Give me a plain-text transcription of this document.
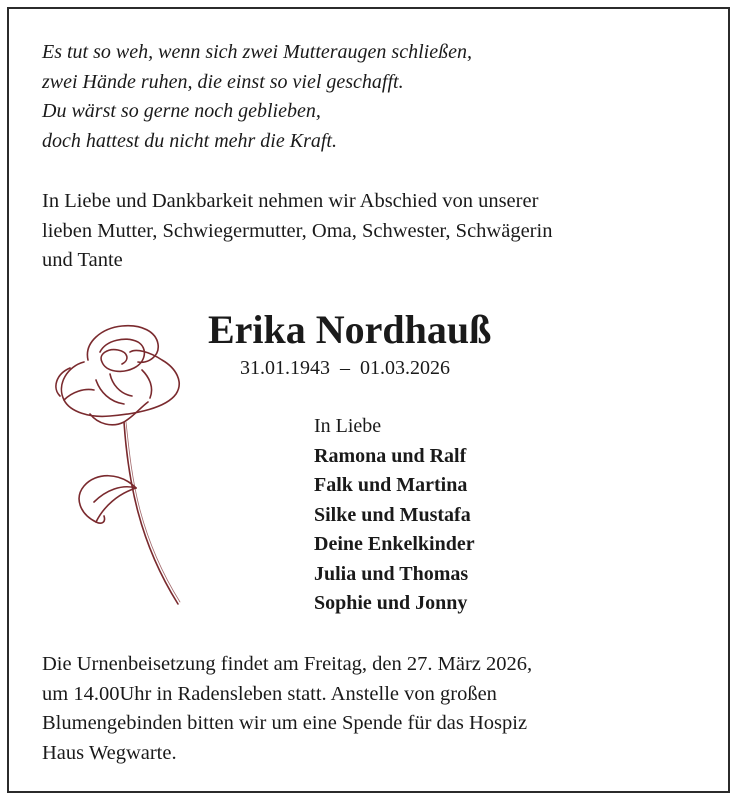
Es tut so weh, wenn sich zwei Mutteraugen schließen,
zwei Hände ruhen, die einst so viel geschafft.
Du wärst so gerne noch geblieben,
doch hattest du nicht mehr die Kraft.
In Liebe und Dankbarkeit nehmen wir Abschied von unserer
lieben Mutter, Schwiegermutter, Oma, Schwester, Schwägerin
und Tante
Erika Nordhauß
31.01.1943 – 01.03.2026
In Liebe
Ramona und Ralf
Falk und Martina
Silke und Mustafa
Deine Enkelkinder
Julia und Thomas
Sophie und Jonny
Die Urnenbeisetzung findet am Freitag, den 27. März 2026,
um 14.00Uhr in Radensleben statt. Anstelle von großen
Blumengebinden bitten wir um eine Spende für das Hospiz
Haus Wegwarte.
